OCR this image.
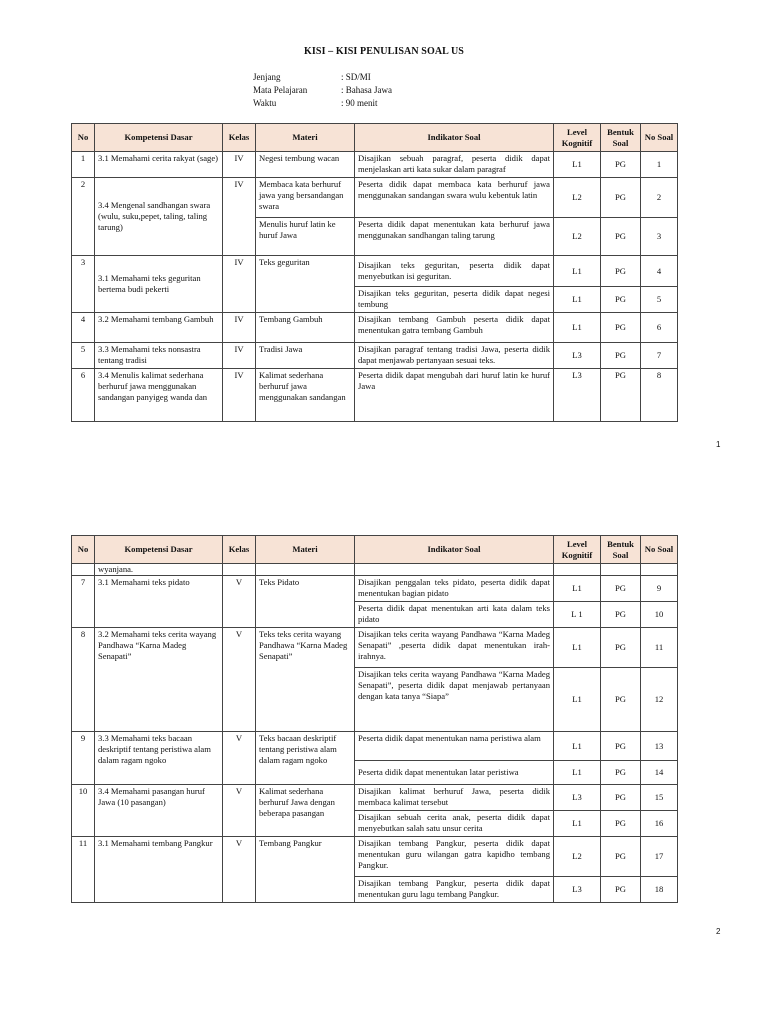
KISI – KISI PENULISAN SOAL US
Jenjang	: SD/MI
Mata Pelajaran	: Bahasa Jawa
Waktu	: 90 menit
No	Kompetensi Dasar	Kelas	Materi	Indikator Soal	Level Kognitif	Bentuk Soal	No Soal
1	3.1 Memahami cerita rakyat (sage)	IV	Negesi tembung wacan	Disajikan sebuah paragraf, peserta didik dapat menjelaskan arti kata sukar dalam paragraf	L1	PG	1
2	3.4 Mengenal sandhangan swara (wulu, suku,pepet, taling, taling tarung)	IV	Membaca kata berhuruf jawa yang bersandangan swara	Peserta didik dapat membaca kata berhuruf jawa menggunakan sandangan swara wulu kebentuk latin	L2	PG	2
			Menulis huruf latin ke huruf Jawa	Peserta didik dapat menentukan kata berhuruf jawa menggunakan sandhangan taling tarung	L2	PG	3
3	3.1 Memahami teks geguritan bertema budi pekerti	IV	Teks geguritan	Disajikan teks geguritan, peserta didik dapat menyebutkan isi geguritan.	L1	PG	4
				Disajikan teks geguritan, peserta didik dapat negesi tembung	L1	PG	5
4	3.2 Memahami tembang Gambuh	IV	Tembang Gambuh	Disajikan tembang Gambuh peserta didik dapat menentukan gatra tembang Gambuh	L1	PG	6
5	3.3 Memahami teks nonsastra tentang tradisi	IV	Tradisi Jawa	Disajikan paragraf tentang tradisi Jawa, peserta didik dapat menjawab pertanyaan sesuai teks.	L3	PG	7
6	3.4 Menulis kalimat sederhana berhuruf jawa menggunakan sandangan panyigeg wanda dan	IV	Kalimat sederhana berhuruf jawa menggunakan sandangan	Peserta didik dapat mengubah dari huruf latin ke huruf Jawa	L3	PG	8
1
No	Kompetensi Dasar	Kelas	Materi	Indikator Soal	Level Kognitif	Bentuk Soal	No Soal
	wyanjana.						
7	3.1 Memahami teks pidato	V	Teks Pidato	Disajikan penggalan teks pidato, peserta didik dapat menentukan bagian pidato	L1	PG	9
				Peserta didik dapat menentukan arti kata dalam teks pidato	L 1	PG	10
8	3.2 Memahami teks cerita wayang Pandhawa “Karna Madeg Senapati”	V	Teks teks cerita wayang Pandhawa “Karna Madeg Senapati”	Disajikan teks cerita wayang Pandhawa “Karna Madeg Senapati” ,peserta didik dapat menentukan irah-irahnya.	L1	PG	11
				Disajikan teks cerita wayang Pandhawa “Karna Madeg Senapati”, peserta didik dapat menjawab pertanyaan dengan kata tanya “Siapa”	L1	PG	12
9	3.3 Memahami teks bacaan deskriptif tentang peristiwa alam dalam ragam ngoko	V	Teks bacaan deskriptif tentang peristiwa alam dalam ragam ngoko	Peserta didik dapat menentukan nama peristiwa alam	L1	PG	13
				Peserta didik dapat menentukan latar peristiwa	L1	PG	14
10	3.4 Memahami pasangan huruf Jawa (10 pasangan)	V	Kalimat sederhana berhuruf Jawa dengan beberapa pasangan	Disajikan kalimat berhuruf Jawa, peserta didik membaca kalimat tersebut	L3	PG	15
				Disajikan sebuah cerita anak, peserta didik dapat menyebutkan salah satu unsur cerita	L1	PG	16
11	3.1 Memahami tembang Pangkur	V	Tembang Pangkur	Disajikan tembang Pangkur, peserta didik dapat menentukan guru wilangan gatra kapidho tembang Pangkur.	L2	PG	17
				Disajikan tembang Pangkur, peserta didik dapat menentukan guru lagu tembang Pangkur.	L3	PG	18
2
